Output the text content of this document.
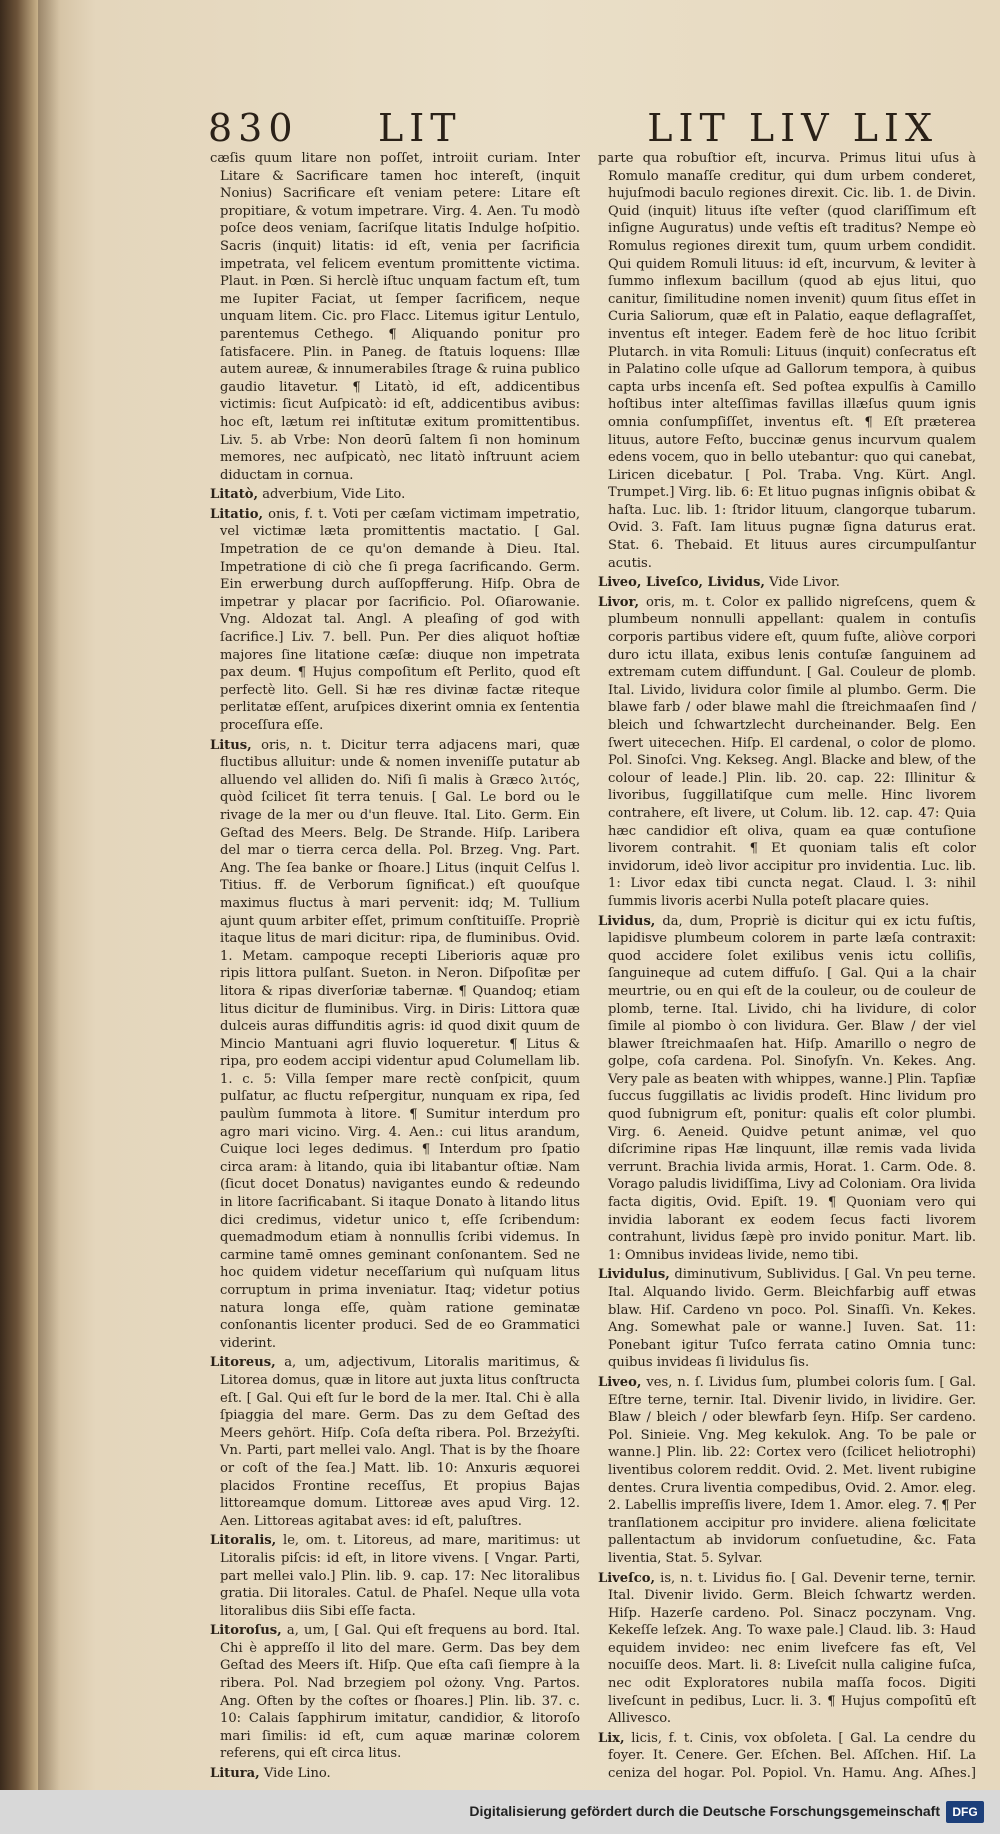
830 LIT	LIT LIV LIX

cæſis quum litare non poſſet, introiit curiam. Inter Litare & Sacrificare tamen hoc intereſt, (inquit Nonius) Sacrificare eſt veniam petere: Litare eſt propitiare, & votum impetrare. Virg. 4. Aen. Tu modò poſce deos veniam, ſacriſque litatis Indulge hoſpitio. Sacris (inquit) litatis: id eſt, venia per ſacrificia impetrata, vel felicem eventum promittente victima. Plaut. in Pœn. Si herclè iſtuc unquam factum eſt, tum me Iupiter Faciat, ut ſemper ſacrificem, neque unquam litem. Cic. pro Flacc. Litemus igitur Lentulo, parentemus Cethego. ¶ Aliquando ponitur pro ſatisfacere. Plin. in Paneg. de ſtatuis loquens: Illæ autem aureæ, & innumerabiles ſtrage & ruina publico gaudio litavetur. ¶ Litatò, id eſt, addicentibus victimis: ſicut Auſpicatò: id eſt, addicentibus avibus: hoc eſt, lætum rei inſtitutæ exitum promittentibus. Liv. 5. ab Vrbe: Non deorū ſaltem ſi non hominum memores, nec auſpicatò, nec litatò inſtruunt aciem diductam in cornua.

Litatò, adverbium, Vide Lito.

Litatio, onis, f. t. Voti per cæſam victimam impetratio, vel victimæ læta promittentis mactatio. [ Gal. Impetration de ce qu'on demande à Dieu. Ital. Impetratione di ciò che ſi prega ſacrificando. Germ. Ein erwerbung durch auſſopfferung. Hiſp. Obra de impetrar y placar por ſacrificio. Pol. Oſiarowanie. Vng. Aldozat tal. Angl. A pleaſing of god with ſacrifice.] Liv. 7. bell. Pun. Per dies aliquot hoſtiæ majores ſine litatione cæſæ: diuque non impetrata pax deum. ¶ Hujus compoſitum eſt Perlito, quod eſt perfectè lito. Gell. Si hæ res divinæ factæ riteque perlitatæ eſſent, aruſpices dixerint omnia ex ſententia proceſſura eſſe.

Litus, oris, n. t. Dicitur terra adjacens mari, quæ fluctibus alluitur: unde & nomen inveniſſe putatur ab alluendo vel alliden do. Niſi ſi malis à Græco λιτός, quòd ſcilicet ſit terra tenuis. [ Gal. Le bord ou le rivage de la mer ou d'un fleuve. Ital. Lito. Germ. Ein Geſtad des Meers. Belg. De Strande. Hiſp. Laribera del mar o tierra cerca della. Pol. Brzeg. Vng. Part. Ang. The ſea banke or ſhoare.] Litus (inquit Celſus l. Titius. ff. de Verborum ſignificat.) eſt quouſque maximus fluctus à mari pervenit: idq; M. Tullium ajunt quum arbiter eſſet, primum conſtituiſſe. Propriè itaque litus de mari dicitur: ripa, de fluminibus. Ovid. 1. Metam. campoque recepti Liberioris aquæ pro ripis littora pulſant. Sueton. in Neron. Diſpoſitæ per litora & ripas diverſoriæ tabernæ. ¶ Quandoq; etiam litus dicitur de fluminibus. Virg. in Diris: Littora quæ dulceis auras diffunditis agris: id quod dixit quum de Mincio Mantuani agri fluvio loqueretur. ¶ Litus & ripa, pro eodem accipi videntur apud Columellam lib. 1. c. 5: Villa ſemper mare rectè conſpicit, quum pulſatur, ac fluctu reſpergitur, nunquam ex ripa, ſed paulùm ſummota à litore. ¶ Sumitur interdum pro agro mari vicino. Virg. 4. Aen.: cui litus arandum, Cuique loci leges dedimus. ¶ Interdum pro ſpatio circa aram: à litando, quia ibi litabantur oſtiæ. Nam (ſicut docet Donatus) navigantes eundo & redeundo in litore ſacrificabant. Si itaque Donato à litando litus dici credimus, videtur unico t, eſſe ſcribendum: quemadmodum etiam à nonnullis ſcribi videmus. In carmine tamē omnes geminant conſonantem. Sed ne hoc quidem videtur neceſſarium quì nuſquam litus corruptum in prima inveniatur. Itaq; videtur potius natura longa eſſe, quàm ratione geminatæ conſonantis licenter produci. Sed de eo Grammatici viderint.

Litoreus, a, um, adjectivum, Litoralis maritimus, & Litorea domus, quæ in litore aut juxta litus conſtructa eſt. [ Gal. Qui eſt ſur le bord de la mer. Ital. Chi è alla ſpiaggia del mare. Germ. Das zu dem Geſtad des Meers gehört. Hiſp. Coſa deſta ribera. Pol. Brzeżyſti. Vn. Parti, part mellei valo. Angl. That is by the ſhoare or coſt of the ſea.] Matt. lib. 10: Anxuris æquorei placidos Frontine receſſus, Et propius Bajas littoreamque domum. Littoreæ aves apud Virg. 12. Aen. Littoreas agitabat aves: id eſt, paluſtres.

Litoralis, le, om. t. Litoreus, ad mare, maritimus: ut Litoralis piſcis: id eſt, in litore vivens. [ Vngar. Parti, part mellei valo.] Plin. lib. 9. cap. 17: Nec litoralibus gratia. Dii litorales. Catul. de Phaſel. Neque ulla vota litoralibus diis Sibi eſſe facta.

Litoroſus, a, um, [ Gal. Qui eſt frequens au bord. Ital. Chi è appreſſo il lito del mare. Germ. Das bey dem Geſtad des Meers iſt. Hiſp. Que eſta caſi ſiempre à la ribera. Pol. Nad brzegiem pol ożony. Vng. Partos. Ang. Often by the coſtes or ſhoares.] Plin. lib. 37. c. 10: Calais ſapphirum imitatur, candidior, & litoroſo mari ſimilis: id eſt, cum aquæ marinæ colorem referens, qui eſt circa litus.

Litura, Vide Lino.

parte qua robuſtior eſt, incurva. Primus litui uſus à Romulo manaſſe creditur, qui dum urbem conderet, hujuſmodi baculo regiones direxit. Cic. lib. 1. de Divin. Quid (inquit) lituus iſte veſter (quod clariſſimum eſt inſigne Auguratus) unde veſtis eſt traditus? Nempe eò Romulus regiones direxit tum, quum urbem condidit. Qui quidem Romuli lituus: id eſt, incurvum, & leviter à ſummo inflexum bacillum (quod ab ejus litui, quo canitur, ſimilitudine nomen invenit) quum ſitus eſſet in Curia Saliorum, quæ eſt in Palatio, eaque deflagraſſet, inventus eſt integer. Eadem ferè de hoc lituo ſcribit Plutarch. in vita Romuli: Lituus (inquit) conſecratus eſt in Palatino colle uſque ad Gallorum tempora, à quibus capta urbs incenſa eſt. Sed poſtea expulſis à Camillo hoſtibus inter alteſſimas favillas illæſus quum ignis omnia conſumpſiſſet, inventus eſt. ¶ Eſt præterea lituus, autore Feſto, buccinæ genus incurvum qualem edens vocem, quo in bello utebantur: quo qui canebat, Liricen dicebatur. [ Pol. Traba. Vng. Kürt. Angl. Trumpet.] Virg. lib. 6: Et lituo pugnas inſignis obibat & haſta. Luc. lib. 1: ſtridor lituum, clangorque tubarum. Ovid. 3. Faſt. Iam lituus pugnæ ſigna daturus erat. Stat. 6. Thebaid. Et lituus aures circumpulſantur acutis.

Liveo, Liveſco, Lividus, Vide Livor.

Livor, oris, m. t. Color ex pallido nigreſcens, quem & plumbeum nonnulli appellant: qualem in contuſis corporis partibus videre eſt, quum fuſte, aliòve corpori duro ictu illata, exibus lenis contuſæ ſanguinem ad extremam cutem diffundunt. [ Gal. Couleur de plomb. Ital. Livido, lividura color ſimile al plumbo. Germ. Die blawe farb / oder blawe mahl die ſtreichmaaſen ſind / bleich und ſchwartzlecht durcheinander. Belg. Een ſwert uitecechen. Hiſp. El cardenal, o color de plomo. Pol. Sinoſci. Vng. Kekseg. Angl. Blacke and blew, of the colour of leade.] Plin. lib. 20. cap. 22: Illinitur & livoribus, ſuggillatiſque cum melle. Hinc livorem contrahere, eſt livere, ut Colum. lib. 12. cap. 47: Quia hæc candidior eſt oliva, quam ea quæ contuſione livorem contrahit. ¶ Et quoniam talis eſt color invidorum, ideò livor accipitur pro invidentia. Luc. lib. 1: Livor edax tibi cuncta negat. Claud. l. 3: nihil ſummis livoris acerbi Nulla poteſt placare quies.

Lividus, da, dum, Propriè is dicitur qui ex ictu fuſtis, lapidisve plumbeum colorem in parte læſa contraxit: quod accidere ſolet exilibus venis ictu colliſis, ſanguineque ad cutem diffuſo. [ Gal. Qui a la chair meurtrie, ou en qui eſt de la couleur, ou de couleur de plomb, terne. Ital. Livido, chi ha lividure, di color ſimile al piombo ò con lividura. Ger. Blaw / der viel blawer ſtreichmaaſen hat. Hiſp. Amarillo o negro de golpe, coſa cardena. Pol. Sinoſyſn. Vn. Kekes. Ang. Very pale as beaten with whippes, wanne.] Plin. Tapſiæ ſuccus ſuggillatis ac lividis prodeſt. Hinc lividum pro quod ſubnigrum eſt, ponitur: qualis eſt color plumbi. Virg. 6. Aeneid. Quidve petunt animæ, vel quo diſcrimine ripas Hæ linquunt, illæ remis vada livida verrunt. Brachia livida armis, Horat. 1. Carm. Ode. 8. Vorago paludis lividiſſima, Livy ad Coloniam. Ora livida facta digitis, Ovid. Epiſt. 19. ¶ Quoniam vero qui invidia laborant ex eodem ſecus facti livorem contrahunt, lividus ſæpè pro invido ponitur. Mart. lib. 1: Omnibus invideas livide, nemo tibi.

Lividulus, diminutivum, Sublividus. [ Gal. Vn peu terne. Ital. Alquando livido. Germ. Bleichfarbig auff etwas blaw. Hiſ. Cardeno vn poco. Pol. Sinaſſi. Vn. Kekes. Ang. Somewhat pale or wanne.] Iuven. Sat. 11: Ponebant igitur Tuſco ferrata catino Omnia tunc: quibus invideas ſi lividulus ſis.

Liveo, ves, n. ſ. Lividus ſum, plumbei coloris ſum. [ Gal. Eſtre terne, ternir. Ital. Divenir livido, in lividire. Ger. Blaw / bleich / oder blewfarb ſeyn. Hiſp. Ser cardeno. Pol. Sinieie. Vng. Meg kekulok. Ang. To be pale or wanne.] Plin. lib. 22: Cortex vero (ſcilicet heliotrophi) liventibus colorem reddit. Ovid. 2. Met. livent rubigine dentes. Crura liventia compedibus, Ovid. 2. Amor. eleg. 2. Labellis impreſſis livere, Idem 1. Amor. eleg. 7. ¶ Per tranſlationem accipitur pro invidere. aliena fœlicitate pallentactum ab invidorum conſuetudine, &c. Fata liventia, Stat. 5. Sylvar.

Liveſco, is, n. t. Lividus fio. [ Gal. Devenir terne, ternir. Ital. Divenir livido. Germ. Bleich ſchwartz werden. Hiſp. Hazerſe cardeno. Pol. Sinacz poczynam. Vng. Kekeſſe leſzek. Ang. To waxe pale.] Claud. lib. 3: Haud equidem invideo: nec enim livefcere fas eſt, Vel nocuiſſe deos. Mart. li. 8: Liveſcit nulla caligine fuſca, nec odit Exploratores nubila maſſa focos. Digiti liveſcunt in pedibus, Lucr. li. 3. ¶ Hujus compoſitū eſt Allivesco.

Lix, licis, f. t. Cinis, vox obſoleta. [ Gal. La cendre du foyer. It. Cenere. Ger. Eſchen. Bel. Aſſchen. Hiſ. La ceniza del hogar. Pol. Popiol. Vn. Hamu. Ang. Aſhes.]

Digitalisierung gefördert durch die Deutsche Forschungsgemeinschaft	DFG
